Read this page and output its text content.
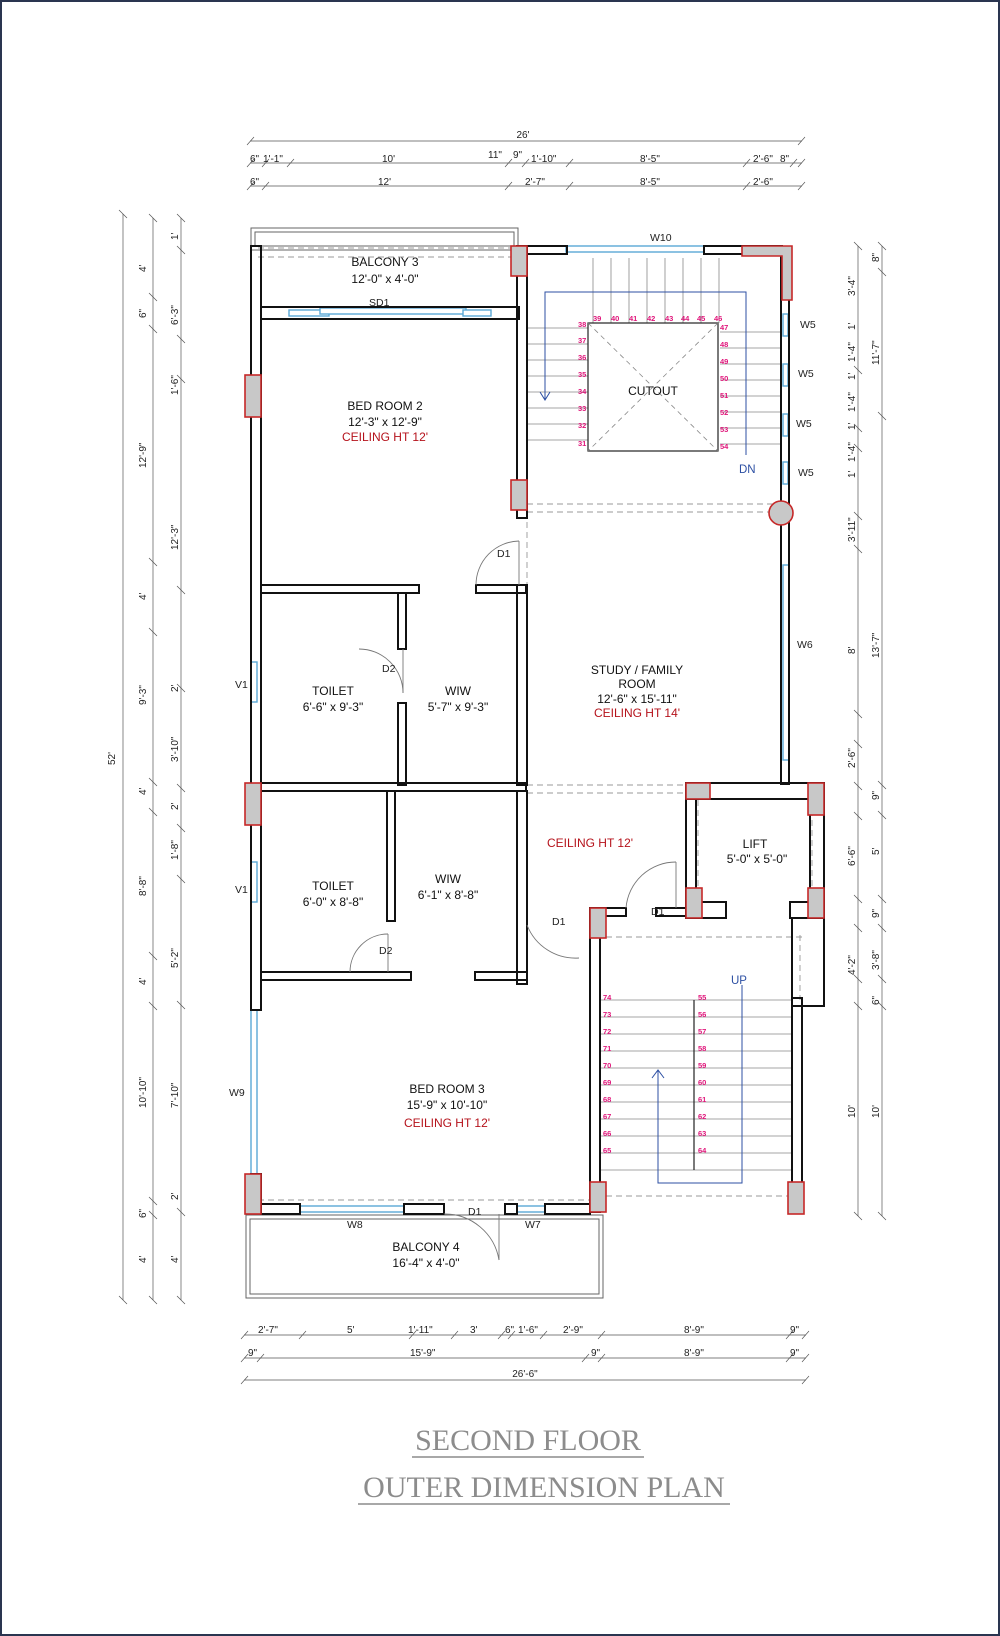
26'
6" 1'-1"	10'	11" 9" 1'-10"	8'-5"	2'-6" 8"
6"	12'	2'-7"	8'-5"	2'-6"
2'-7"	5'	1'-11"	3'	6" 1'-6"	2'-9"	8'-9"	9"
9"	15'-9"	9"	8'-9"	9"
26'-6"
52'
4'
6"
12'-9"
4'
9'-3"
4'
8'-8"
4'
10'-10"
6"
4'
1'
6'-3"
1'-6"
12'-3"
2'
3'-10"
2'
1'-8"
5'-2"
7'-10"
2'
4'
3'-4"
1'
1'-4"
1'
1'-4"
1'
1'-4"
1'
3'-11"
8'
2'-6"
6'-6"
4'-2"
10'
8"
11'-7"
13'-7"
9"
5'
9"
3'-8"
6"
10'
BALCONY 3
12'-0" x 4'-0"
BED ROOM 2
12'-3" x 12'-9"
CEILING HT 12'
CUTOUT
STUDY / FAMILY
ROOM
12'-6" x 15'-11"
CEILING HT 14'
TOILET
6'-6" x 9'-3"
WIW
5'-7" x 9'-3"
CEILING HT 12'	LIFT
5'-0" x 5'-0"
TOILET
6'-0" x 8'-8"
WIW
6'-1" x 8'-8"
BED ROOM 3
15'-9" x 10'-10"
CEILING HT 12'
BALCONY 4
16'-4" x 4'-0"
W10
SD1
W5
W5
W5
W5
W6
DN
UP
D1
D1
D1
D1
D2
D2
V1
V1
W9
W8	W7
39 40 41 42 43 44 45 46
38
37
36
35
34
33
32
31
47
48
49
50
51
52
53
54
74
73
72
71
70
69
68
67
66
65
55
56
57
58
59
60
61
62
63
64
SECOND FLOOR
OUTER DIMENSION PLAN
